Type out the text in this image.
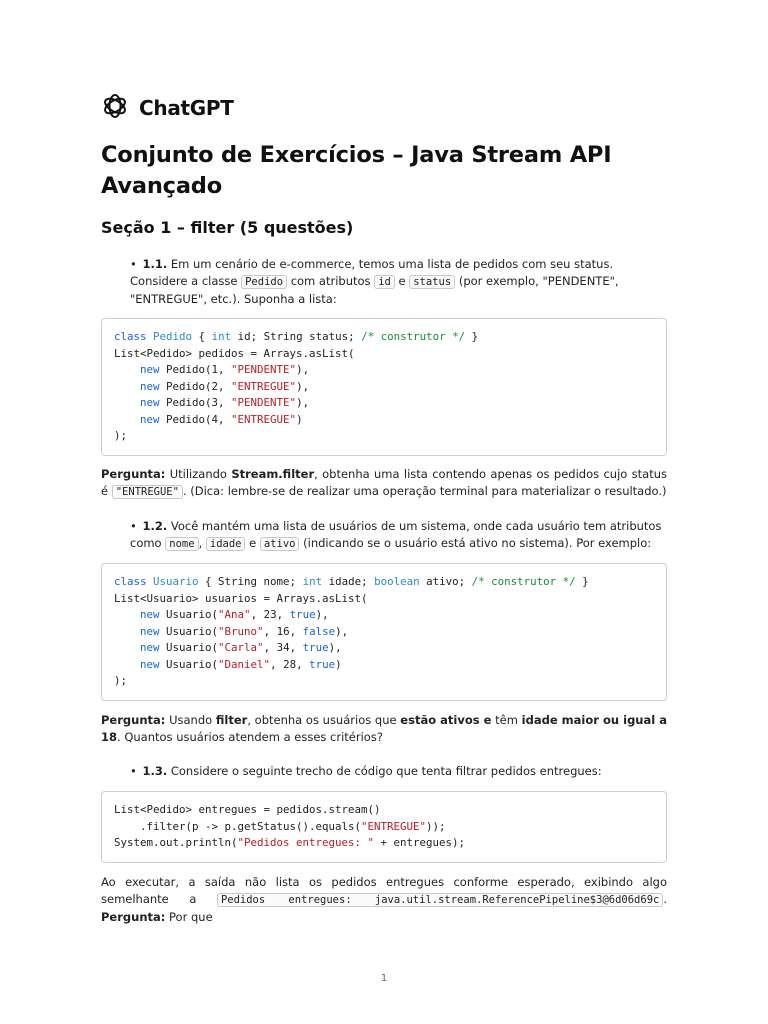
ChatGPT
Conjunto de Exercícios – Java Stream API Avançado
Seção 1 – filter (5 questões)
• 1.1. Em um cenário de e-commerce, temos uma lista de pedidos com seu status. Considere a classe Pedido com atributos id e status (por exemplo, "PENDENTE", "ENTREGUE", etc.). Suponha a lista:
class Pedido { int id; String status; /* construtor */ }
List<Pedido> pedidos = Arrays.asList(
new Pedido(1, "PENDENTE"),
new Pedido(2, "ENTREGUE"),
new Pedido(3, "PENDENTE"),
new Pedido(4, "ENTREGUE")
);
Pergunta: Utilizando Stream.filter, obtenha uma lista contendo apenas os pedidos cujo status é "ENTREGUE" . (Dica: lembre-se de realizar uma operação terminal para materializar o resultado.)
• 1.2. Você mantém uma lista de usuários de um sistema, onde cada usuário tem atributos como nome , idade e ativo (indicando se o usuário está ativo no sistema). Por exemplo:
class Usuario { String nome; int idade; boolean ativo; /* construtor */ }
List<Usuario> usuarios = Arrays.asList(
new Usuario("Ana", 23, true),
new Usuario("Bruno", 16, false),
new Usuario("Carla", 34, true),
new Usuario("Daniel", 28, true)
);
Pergunta: Usando filter, obtenha os usuários que estão ativos e têm idade maior ou igual a 18. Quantos usuários atendem a esses critérios?
• 1.3. Considere o seguinte trecho de código que tenta filtrar pedidos entregues:
List<Pedido> entregues = pedidos.stream()
.filter(p -> p.getStatus().equals("ENTREGUE"));
System.out.println("Pedidos entregues: " + entregues);
Ao executar, a saída não lista os pedidos entregues conforme esperado, exibindo algo semelhante a Pedidos entregues: java.util.stream.ReferencePipeline$3@6d06d69c . Pergunta: Por que
1
